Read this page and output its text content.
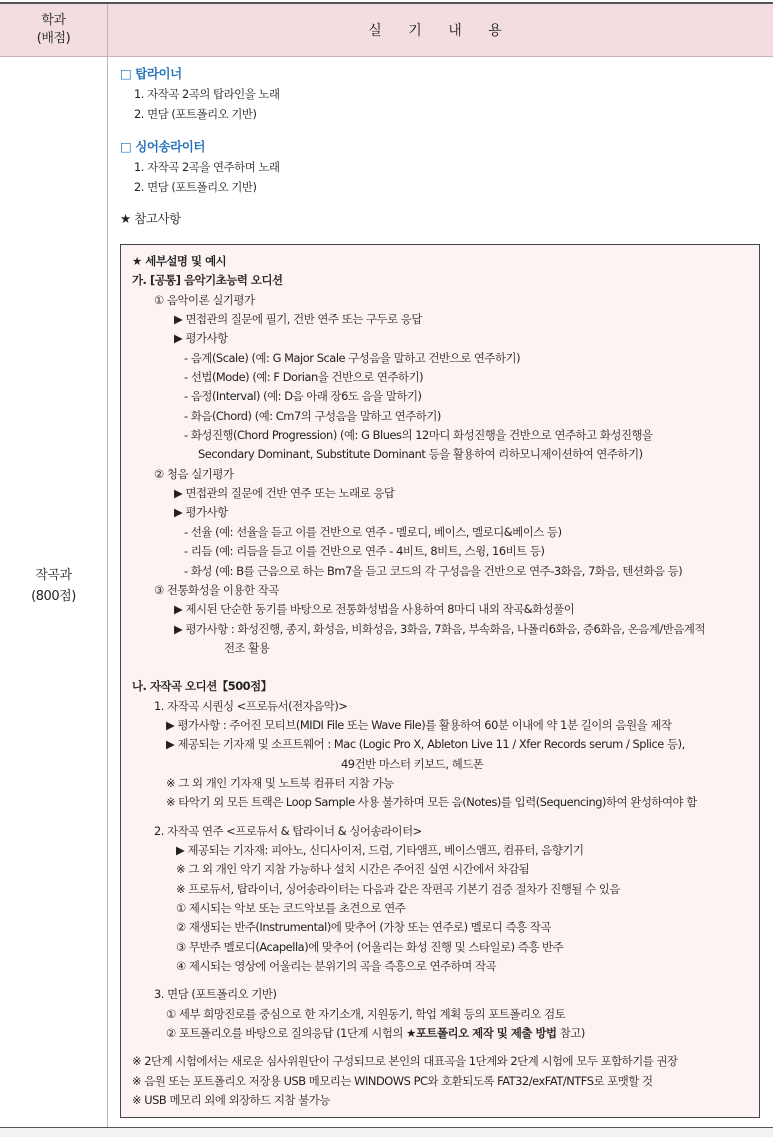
학과
(배점)	실 기 내 용
작곡과
(800점)
□ 탑라이너
1. 자작곡 2곡의 탑라인을 노래
2. 면담 (포트폴리오 기반)
□ 싱어송라이터
1. 자작곡 2곡을 연주하며 노래
2. 면담 (포트폴리오 기반)
★ 참고사항
★ 세부설명 및 예시
가. [공통] 음악기초능력 오디션
① 음악이론 실기평가
▶ 면접관의 질문에 필기, 건반 연주 또는 구두로 응답
▶ 평가사항
- 음계(Scale) (예: G Major Scale 구성음을 말하고 건반으로 연주하기)
- 선법(Mode) (예: F Dorian을 건반으로 연주하기)
- 음정(Interval) (예: D음 아래 장6도 음을 말하기)
- 화음(Chord) (예: Cm7의 구성음을 말하고 연주하기)
- 화성진행(Chord Progression) (예: G Blues의 12마디 화성진행을 건반으로 연주하고 화성진행을
Secondary Dominant, Substitute Dominant 등을 활용하여 리하모니제이션하여 연주하기)
② 청음 실기평가
▶ 면접관의 질문에 건반 연주 또는 노래로 응답
▶ 평가사항
- 선율 (예: 선율을 듣고 이를 건반으로 연주 - 멜로디, 베이스, 멜로디&베이스 등)
- 리듬 (예: 리듬을 듣고 이를 건반으로 연주 - 4비트, 8비트, 스윙, 16비트 등)
- 화성 (예: B를 근음으로 하는 Bm7을 듣고 코드의 각 구성음을 건반으로 연주-3화음, 7화음, 텐션화음 등)
③ 전통화성을 이용한 작곡
▶ 제시된 단순한 동기를 바탕으로 전통화성법을 사용하여 8마디 내외 작곡&화성풀이
▶ 평가사항 : 화성진행, 종지, 화성음, 비화성음, 3화음, 7화음, 부속화음, 나폴리6화음, 증6화음, 온음계/반음계적
전조 활용
나. 자작곡 오디션【500점】
1. 자작곡 시퀀싱 <프로듀서(전자음악)>
▶ 평가사항 : 주어진 모티브(MIDI File 또는 Wave File)를 활용하여 60분 이내에 약 1분 길이의 음원을 제작
▶ 제공되는 기자재 및 소프트웨어 : Mac (Logic Pro X, Ableton Live 11 / Xfer Records serum / Splice 등),
49건반 마스터 키보드, 헤드폰
※ 그 외 개인 기자재 및 노트북 컴퓨터 지참 가능
※ 타악기 외 모든 트랙은 Loop Sample 사용 불가하며 모든 음(Notes)를 입력(Sequencing)하여 완성하여야 함
2. 자작곡 연주 <프로듀서 & 탑라이너 & 싱어송라이터>
▶ 제공되는 기자재: 피아노, 신디사이저, 드럼, 기타앰프, 베이스앰프, 컴퓨터, 음향기기
※ 그 외 개인 악기 지참 가능하나 설치 시간은 주어진 실연 시간에서 차감됨
※ 프로듀서, 탑라이너, 싱어송라이터는 다음과 같은 작편곡 기본기 검증 절차가 진행될 수 있음
① 제시되는 악보 또는 코드악보를 초견으로 연주
② 재생되는 반주(Instrumental)에 맞추어 (가창 또는 연주로) 멜로디 즉흥 작곡
③ 무반주 멜로디(Acapella)에 맞추어 (어울리는 화성 진행 및 스타일로) 즉흥 반주
④ 제시되는 영상에 어울리는 분위기의 곡을 즉흥으로 연주하며 작곡
3. 면담 (포트폴리오 기반)
① 세부 희망진로를 중심으로 한 자기소개, 지원동기, 학업 계획 등의 포트폴리오 검토
② 포트폴리오를 바탕으로 질의응답 (1단계 시험의 ★포트폴리오 제작 및 제출 방법 참고)
※ 2단계 시험에서는 새로운 심사위원단이 구성되므로 본인의 대표곡을 1단계와 2단계 시험에 모두 포함하기를 권장
※ 음원 또는 포트폴리오 저장용 USB 메모리는 WINDOWS PC와 호환되도록 FAT32/exFAT/NTFS로 포맷할 것
※ USB 메모리 외에 외장하드 지참 불가능
